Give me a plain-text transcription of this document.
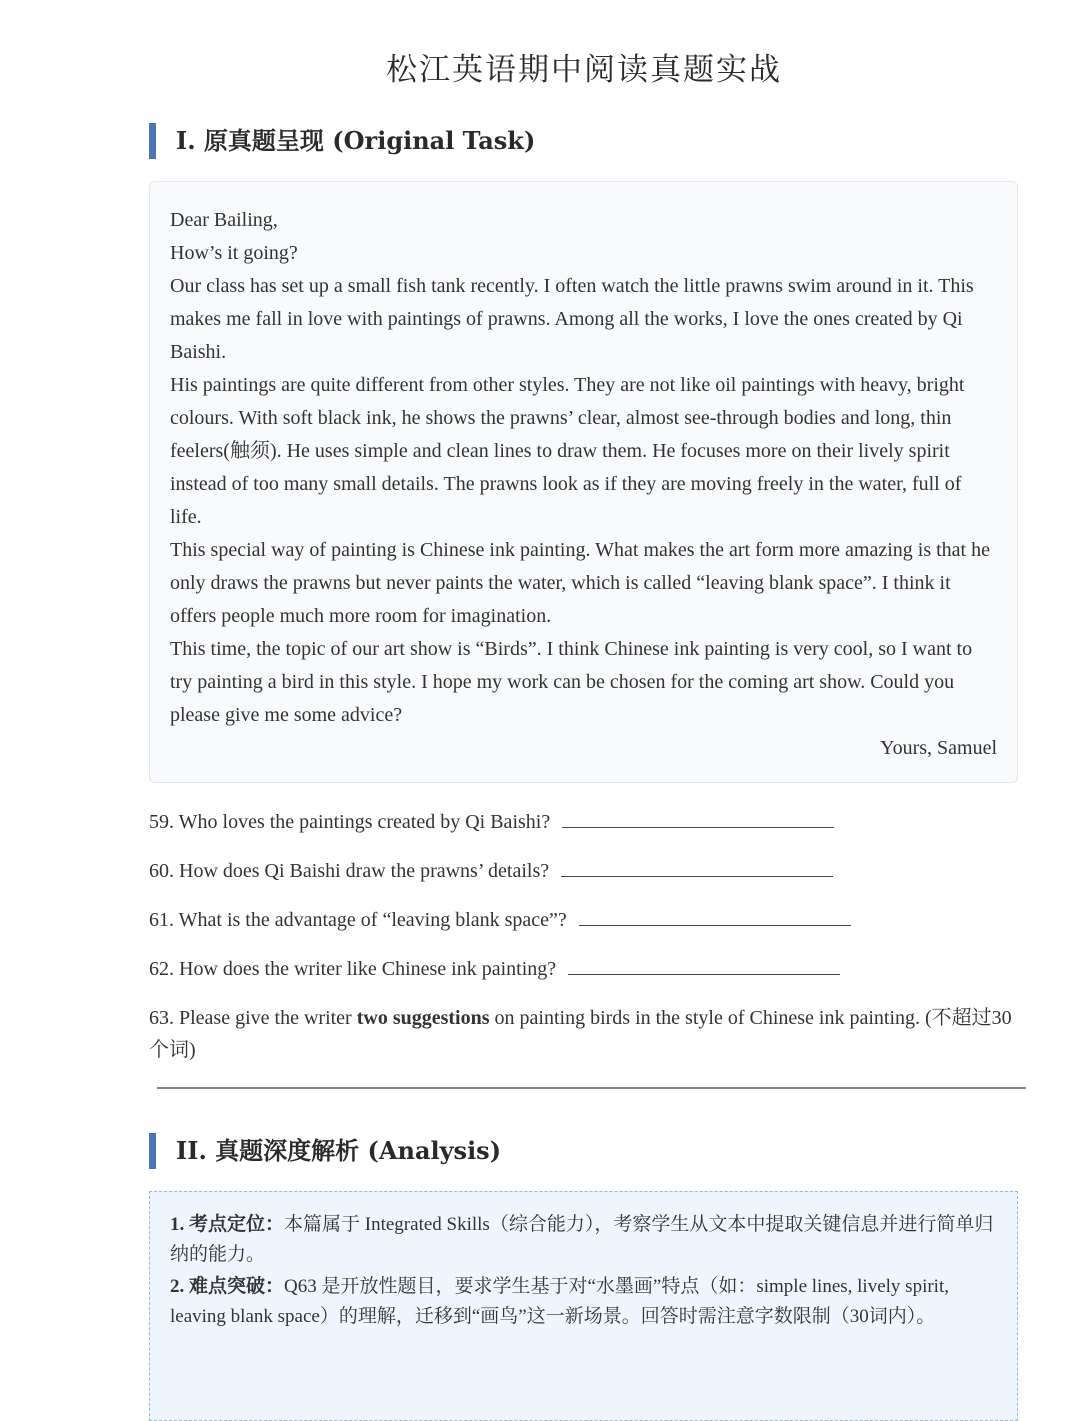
松江英语期中阅读真题实战
I. 原真题呈现 (Original Task)

Dear Bailing,

How’s it going?

Our class has set up a small fish tank recently. I often watch the little prawns swim around in it. This makes me fall in love with paintings of prawns. Among all the works, I love the ones created by Qi Baishi.

His paintings are quite different from other styles. They are not like oil paintings with heavy, bright colours. With soft black ink, he shows the prawns’ clear, almost see-through bodies and long, thin feelers(触须). He uses simple and clean lines to draw them. He focuses more on their lively spirit instead of too many small details. The prawns look as if they are moving freely in the water, full of life.

This special way of painting is Chinese ink painting. What makes the art form more amazing is that he only draws the prawns but never paints the water, which is called “leaving blank space”. I think it offers people much more room for imagination.

This time, the topic of our art show is “Birds”. I think Chinese ink painting is very cool, so I want to try painting a bird in this style. I hope my work can be chosen for the coming art show. Could you please give me some advice?

Yours, Samuel

59. Who loves the paintings created by Qi Baishi?
60. How does Qi Baishi draw the prawns’ details?
61. What is the advantage of “leaving blank space”?
62. How does the writer like Chinese ink painting?
63. Please give the writer two suggestions on painting birds in the style of Chinese ink painting. (不超过30个词)
II. 真题深度解析 (Analysis)

1. 考点定位：本篇属于 Integrated Skills（综合能力），考察学生从文本中提取关键信息并进行简单归纳的能力。

2. 难点突破：Q63 是开放性题目，要求学生基于对“水墨画”特点（如：simple lines, lively spirit, leaving blank space）的理解，迁移到“画鸟”这一新场景。回答时需注意字数限制（30词内）。
